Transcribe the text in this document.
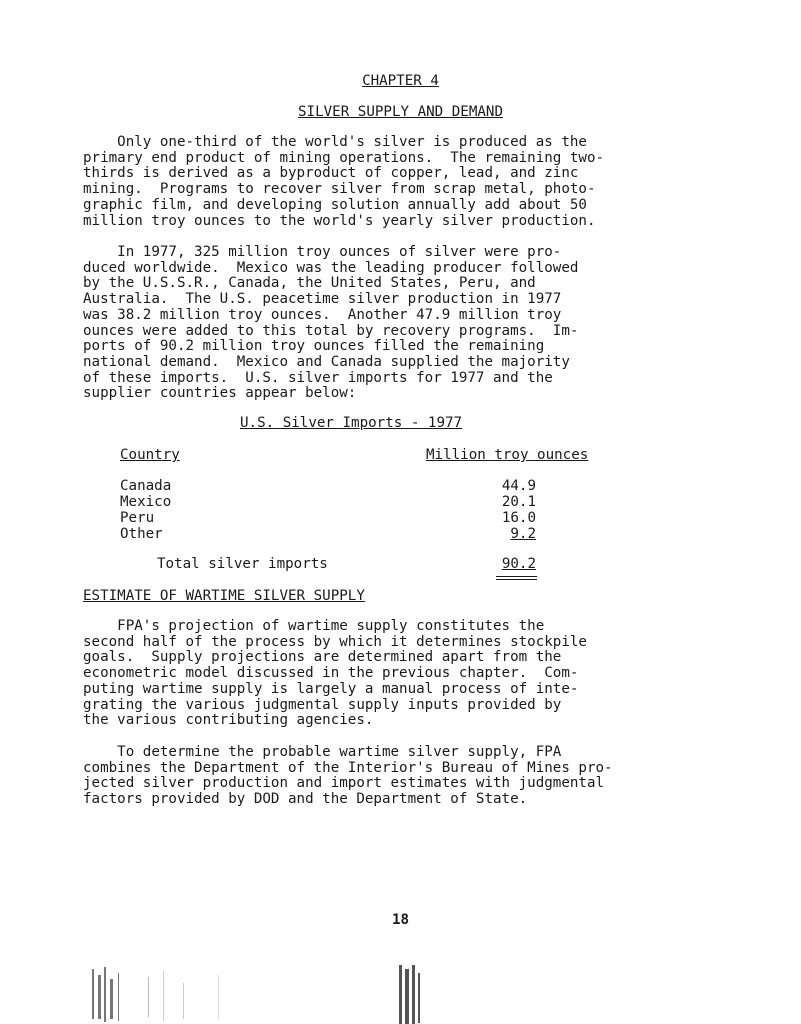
CHAPTER 4
SILVER SUPPLY AND DEMAND
Only one-third of the world's silver is produced as the
primary end product of mining operations.  The remaining two-
thirds is derived as a byproduct of copper, lead, and zinc
mining.  Programs to recover silver from scrap metal, photo-
graphic film, and developing solution annually add about 50
million troy ounces to the world's yearly silver production.
In 1977, 325 million troy ounces of silver were pro-
duced worldwide.  Mexico was the leading producer followed
by the U.S.S.R., Canada, the United States, Peru, and
Australia.  The U.S. peacetime silver production in 1977
was 38.2 million troy ounces.  Another 47.9 million troy
ounces were added to this total by recovery programs.  Im-
ports of 90.2 million troy ounces filled the remaining
national demand.  Mexico and Canada supplied the majority
of these imports.  U.S. silver imports for 1977 and the
supplier countries appear below:
U.S. Silver Imports - 1977
Country	Million troy ounces
Canada	44.9
Mexico	20.1
Peru	16.0
Other	9.2
Total silver imports	90.2
ESTIMATE OF WARTIME SILVER SUPPLY
FPA's projection of wartime supply constitutes the
second half of the process by which it determines stockpile
goals.  Supply projections are determined apart from the
econometric model discussed in the previous chapter.  Com-
puting wartime supply is largely a manual process of inte-
grating the various judgmental supply inputs provided by
the various contributing agencies.
To determine the probable wartime silver supply, FPA
combines the Department of the Interior's Bureau of Mines pro-
jected silver production and import estimates with judgmental
factors provided by DOD and the Department of State.
18
